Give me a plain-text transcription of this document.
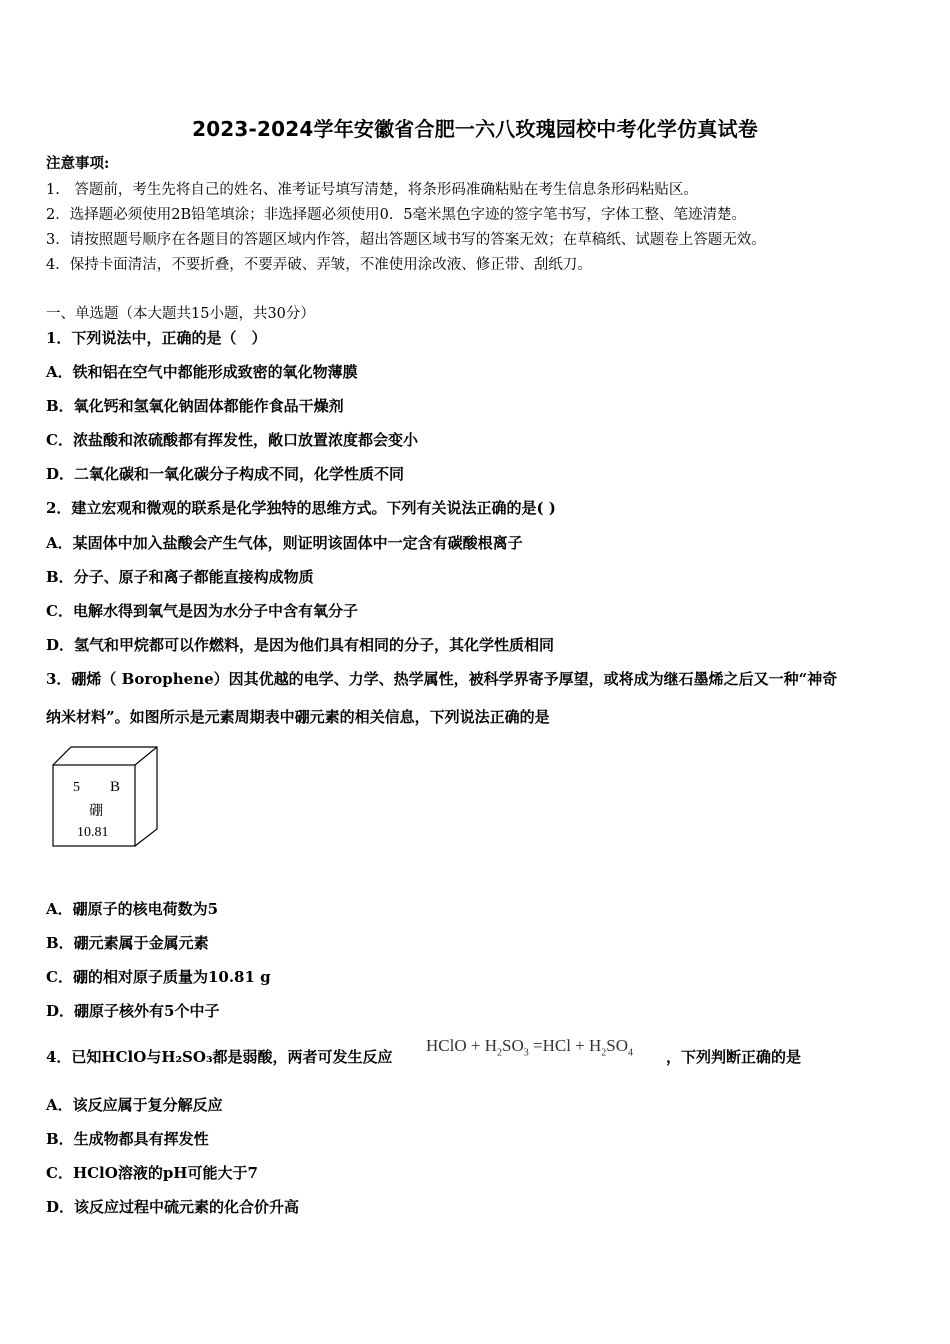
2023-2024学年安徽省合肥一六八玫瑰园校中考化学仿真试卷
注意事项:
1.　答题前，考生先将自己的姓名、准考证号填写清楚，将条形码准确粘贴在考生信息条形码粘贴区。
2．选择题必须使用2B铅笔填涂；非选择题必须使用0．5毫米黑色字迹的签字笔书写，字体工整、笔迹清楚。
3．请按照题号顺序在各题目的答题区域内作答，超出答题区域书写的答案无效；在草稿纸、试题卷上答题无效。
4．保持卡面清洁，不要折叠，不要弄破、弄皱，不准使用涂改液、修正带、刮纸刀。
一、单选题（本大题共15小题，共30分）
1．下列说法中，正确的是（　）
A．铁和铝在空气中都能形成致密的氧化物薄膜
B．氧化钙和氢氧化钠固体都能作食品干燥剂
C．浓盐酸和浓硫酸都有挥发性，敞口放置浓度都会变小
D．二氧化碳和一氧化碳分子构成不同，化学性质不同
2．建立宏观和微观的联系是化学独特的思维方式。下列有关说法正确的是( )
A．某固体中加入盐酸会产生气体，则证明该固体中一定含有碳酸根离子
B．分子、原子和离子都能直接构成物质
C．电解水得到氧气是因为水分子中含有氧分子
D．氢气和甲烷都可以作燃料，是因为他们具有相同的分子，其化学性质相同
3．硼烯（ Borophene）因其优越的电学、力学、热学属性，被科学界寄予厚望，或将成为继石墨烯之后又一种“神奇
纳米材料”。如图所示是元素周期表中硼元素的相关信息，下列说法正确的是
5 B
硼
10.81
A．硼原子的核电荷数为5
B．硼元素属于金属元素
C．硼的相对原子质量为10.81 g
D．硼原子核外有5个中子
4．已知HClO与H₂SO₃都是弱酸，两者可发生反应
HClO + $H_2SO_3 =HCl + H_2SO_4$ ，下列判断正确的是
A．该反应属于复分解反应
B．生成物都具有挥发性
C．HClO溶液的pH可能大于7
D．该反应过程中硫元素的化合价升高
